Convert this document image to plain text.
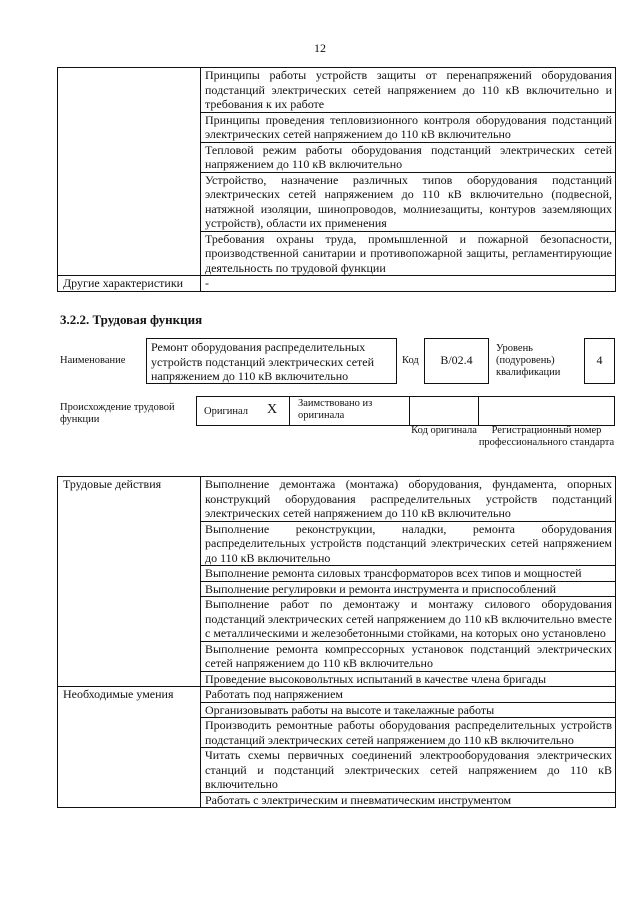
12
	Принципы работы устройств защиты от перенапряжений оборудования подстанций электрических сетей напряжением до 110 кВ включительно и требования к их работе
	Принципы проведения тепловизионного контроля оборудования подстанций электрических сетей напряжением до 110 кВ включительно
	Тепловой режим работы оборудования подстанций электрических сетей напряжением до 110 кВ включительно
	Устройство, назначение различных типов оборудования подстанций электрических сетей напряжением до 110 кВ включительно (подвесной, натяжной изоляции, шинопроводов, молниезащиты, контуров заземляющих устройств), области их применения
	Требования охраны труда, промышленной и пожарной безопасности, производственной санитарии и противопожарной защиты, регламентирующие деятельность по трудовой функции
Другие характеристики	-
3.2.2. Трудовая функция
Наименование
Ремонт оборудования распределительных устройств подстанций электрических сетей напряжением до 110 кВ включительно
Код	B/02.4
Уровень (подуровень) квалификации
4
Происхождение трудовой функции
Оригинал X	Заимствовано из оригинала
Код оригинала	Регистрационный номер профессионального стандарта
Трудовые действия	Выполнение демонтажа (монтажа) оборудования, фундамента, опорных конструкций оборудования распределительных устройств подстанций электрических сетей напряжением до 110 кВ включительно
	Выполнение реконструкции, наладки, ремонта оборудования распределительных устройств подстанций электрических сетей напряжением до 110 кВ включительно
	Выполнение ремонта силовых трансформаторов всех типов и мощностей
	Выполнение регулировки и ремонта инструмента и приспособлений
	Выполнение работ по демонтажу и монтажу силового оборудования подстанций электрических сетей напряжением до 110 кВ включительно вместе с металлическими и железобетонными стойками, на которых оно установлено
	Выполнение ремонта компрессорных установок подстанций электрических сетей напряжением до 110 кВ включительно
	Проведение высоковольтных испытаний в качестве члена бригады
Необходимые умения	Работать под напряжением
	Организовывать работы на высоте и такелажные работы
	Производить ремонтные работы оборудования распределительных устройств подстанций электрических сетей напряжением до 110 кВ включительно
	Читать схемы первичных соединений электрооборудования электрических станций и подстанций электрических сетей напряжением до 110 кВ включительно
	Работать с электрическим и пневматическим инструментом
